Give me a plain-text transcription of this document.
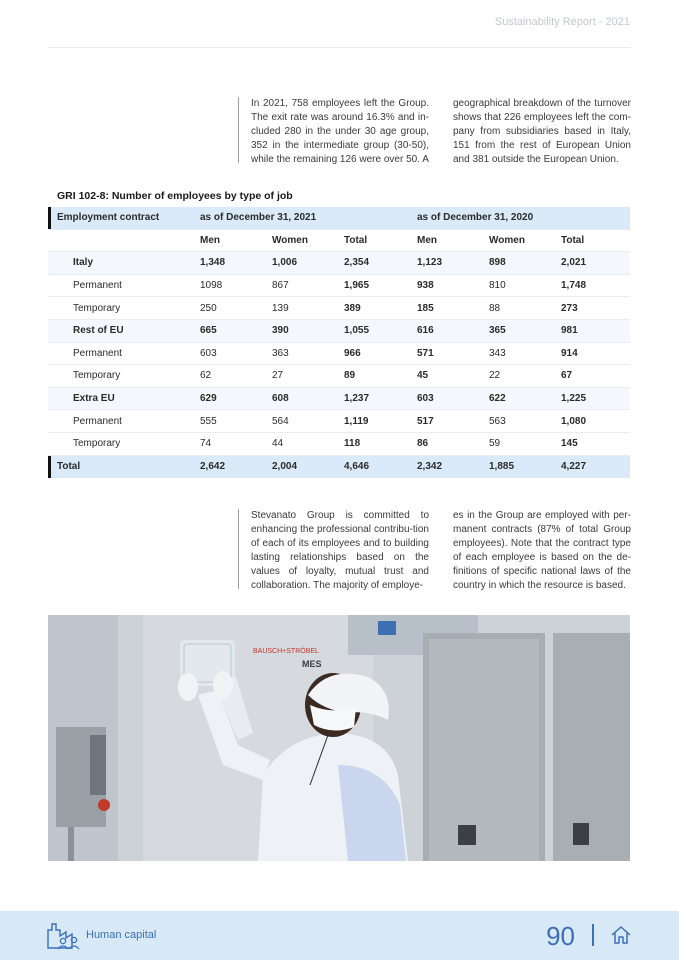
Sustainability Report - 2021
In 2021, 758 employees left the Group. The exit rate was around 16.3% and in-cluded 280 in the under 30 age group, 352 in the intermediate group (30-50), while the remaining 126 were over 50. A
geographical breakdown of the turnover shows that 226 employees left the com-pany from subsidiaries based in Italy, 151 from the rest of European Union and 381 outside the European Union.
GRI 102-8: Number of employees by type of job
Employment contract	as of December 31, 2021	as of December 31, 2020
Men	Women	Total	Men	Women	Total
Italy	1,348	1,006	2,354	1,123	898	2,021
Permanent	1098	867	1,965	938	810	1,748
Temporary	250	139	389	185	88	273
Rest of EU	665	390	1,055	616	365	981
Permanent	603	363	966	571	343	914
Temporary	62	27	89	45	22	67
Extra EU	629	608	1,237	603	622	1,225
Permanent	555	564	1,119	517	563	1,080
Temporary	74	44	118	86	59	145
Total	2,642	2,004	4,646	2,342	1,885	4,227
Stevanato Group is committed to enhancing the professional contribu-tion of each of its employees and to building lasting relationships based on the values of loyalty, mutual trust and collaboration. The majority of employe-
es in the Group are employed with per-manent contracts (87% of total Group employees). Note that the contract type of each employee is based on the de-finitions of specific national laws of the country in which the resource is based.
BAUSCH+STRÖBEL
MES
Human capital	90
